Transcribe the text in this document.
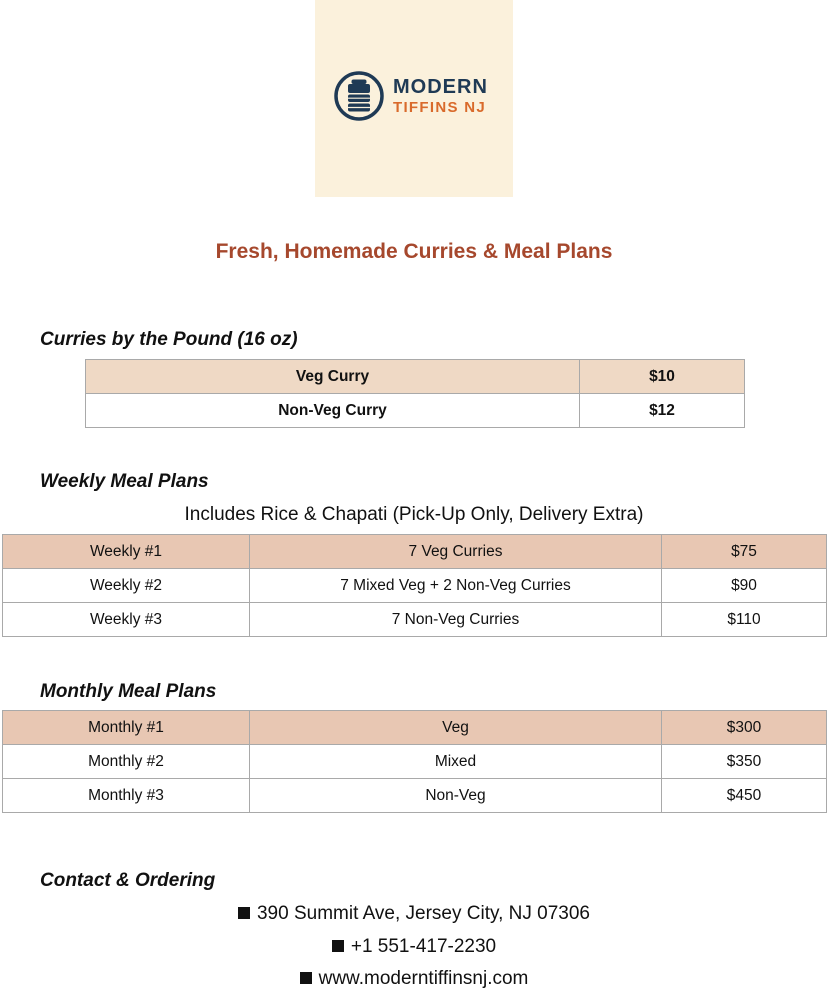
MODERN
TIFFINS NJ
Fresh, Homemade Curries & Meal Plans
Curries by the Pound (16 oz)
Veg Curry	$10
Non-Veg Curry	$12
Weekly Meal Plans
Includes Rice & Chapati (Pick-Up Only, Delivery Extra)
Weekly #1	7 Veg Curries	$75
Weekly #2	7 Mixed Veg + 2 Non-Veg Curries	$90
Weekly #3	7 Non-Veg Curries	$110
Monthly Meal Plans
Monthly #1	Veg	$300
Monthly #2	Mixed	$350
Monthly #3	Non-Veg	$450
Contact & Ordering
390 Summit Ave, Jersey City, NJ 07306
+1 551-417-2230
www.moderntiffinsnj.com
